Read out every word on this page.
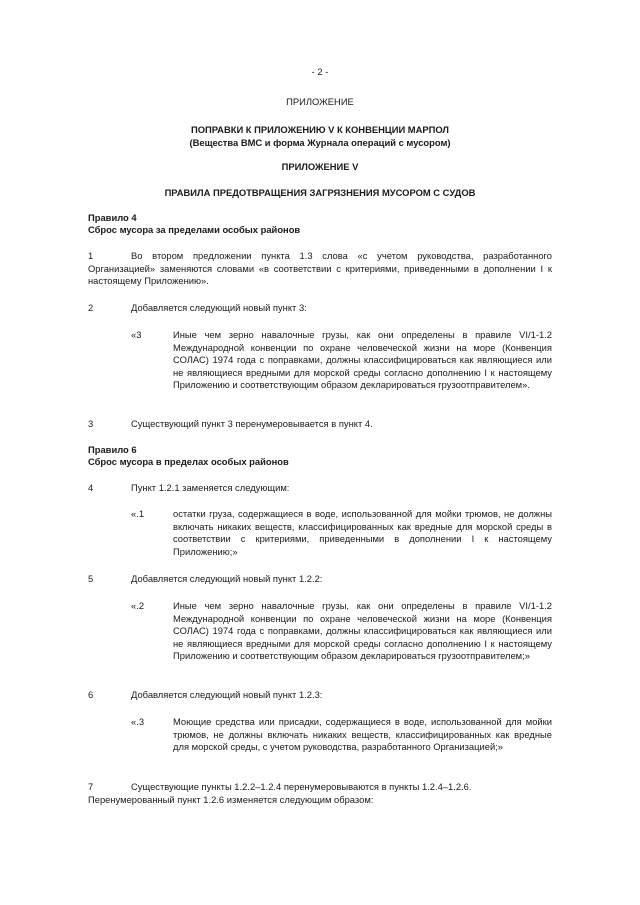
- 2 -
ПРИЛОЖЕНИЕ
ПОПРАВКИ К ПРИЛОЖЕНИЮ V К КОНВЕНЦИИ МАРПОЛ
(Вещества ВМС и форма Журнала операций с мусором)
ПРИЛОЖЕНИЕ V
ПРАВИЛА ПРЕДОТВРАЩЕНИЯ ЗАГРЯЗНЕНИЯ МУСОРОМ С СУДОВ
Правило 4
Сброс мусора за пределами особых районов
1	Во втором предложении пункта 1.3 слова «с учетом руководства, разработанного Организацией» заменяются словами «в соответствии с критериями, приведенными в дополнении I к настоящему Приложению».
2	Добавляется следующий новый пункт 3:
«3	Иные чем зерно навалочные грузы, как они определены в правиле VI/1-1.2 Международной конвенции по охране человеческой жизни на море (Конвенция СОЛАС) 1974 года с поправками, должны классифицироваться как являющиеся или не являющиеся вредными для морской среды согласно дополнению I к настоящему Приложению и соответствующим образом декларироваться грузоотправителем».
3	Существующий пункт 3 перенумеровывается в пункт 4.
Правило 6
Сброс мусора в пределах особых районов
4	Пункт 1.2.1 заменяется следующим:
«.1	остатки груза, содержащиеся в воде, использованной для мойки трюмов, не должны включать никаких веществ, классифицированных как вредные для морской среды в соответствии с критериями, приведенными в дополнении I к настоящему Приложению;»
5	Добавляется следующий новый пункт 1.2.2:
«.2	Иные чем зерно навалочные грузы, как они определены в правиле VI/1-1.2 Международной конвенции по охране человеческой жизни на море (Конвенция СОЛАС) 1974 года с поправками, должны классифицироваться как являющиеся или не являющиеся вредными для морской среды согласно дополнению I к настоящему Приложению и соответствующим образом декларироваться грузоотправителем;»
6	Добавляется следующий новый пункт 1.2.3:
«.3	Моющие средства или присадки, содержащиеся в воде, использованной для мойки трюмов, не должны включать никаких веществ, классифицированных как вредные для морской среды, с учетом руководства, разработанного Организацией;»
7	Существующие пункты 1.2.2–1.2.4 перенумеровываются в пункты 1.2.4–1.2.6.
Перенумерованный пункт 1.2.6 изменяется следующим образом:
